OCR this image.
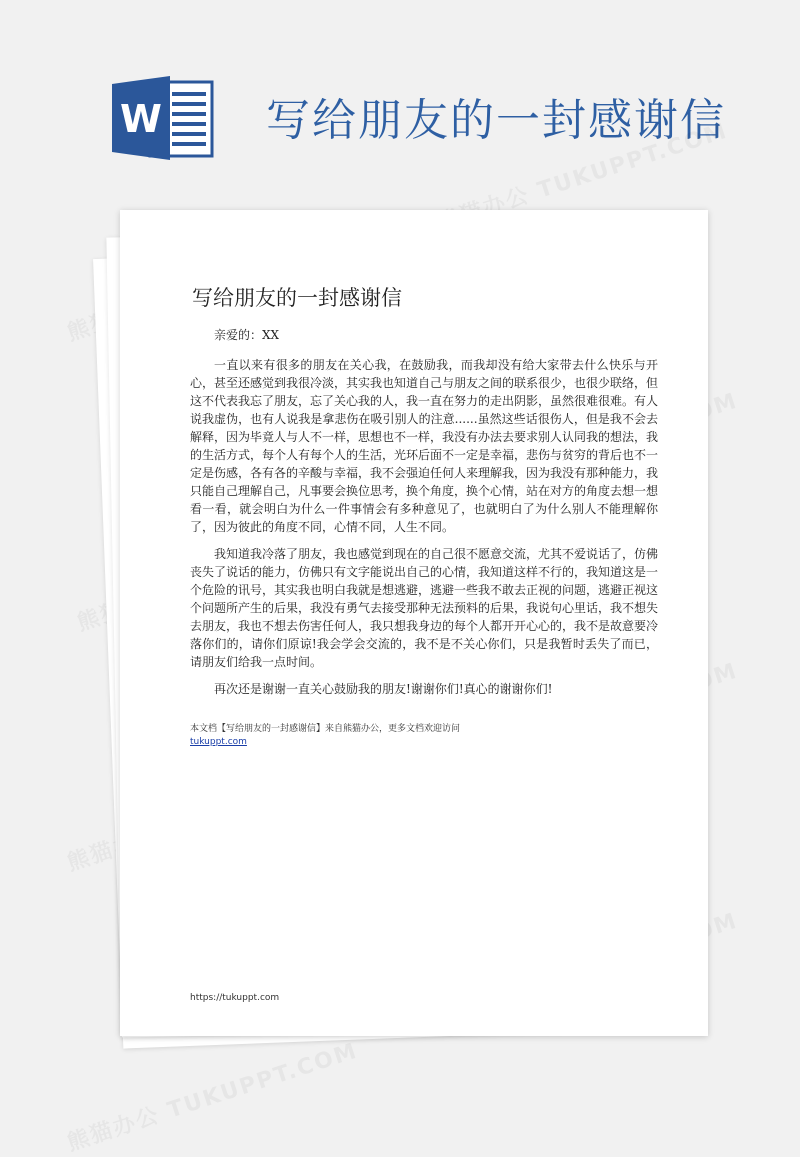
W 写给朋友的一封感谢信
写给朋友的一封感谢信

亲爱的：XX

一直以来有很多的朋友在关心我，在鼓励我，而我却没有给大家带去什么快乐与开心，甚至还感觉到我很冷淡，其实我也知道自己与朋友之间的联系很少，也很少联络，但这不代表我忘了朋友，忘了关心我的人，我一直在努力的走出阴影，虽然很难很难。有人说我虚伪，也有人说我是拿悲伤在吸引别人的注意......虽然这些话很伤人，但是我不会去解释，因为毕竟人与人不一样，思想也不一样，我没有办法去要求别人认同我的想法，我的生活方式，每个人有每个人的生活，光环后面不一定是幸福，悲伤与贫穷的背后也不一定是伤感，各有各的辛酸与幸福，我不会强迫任何人来理解我，因为我没有那种能力，我只能自己理解自己，凡事要会换位思考，换个角度，换个心情，站在对方的角度去想一想看一看，就会明白为什么一件事情会有多种意见了，也就明白了为什么别人不能理解你了，因为彼此的角度不同，心情不同，人生不同。

我知道我冷落了朋友，我也感觉到现在的自己很不愿意交流，尤其不爱说话了，仿佛丧失了说话的能力，仿佛只有文字能说出自己的心情，我知道这样不行的，我知道这是一个危险的讯号，其实我也明白我就是想逃避，逃避一些我不敢去正视的问题，逃避正视这个问题所产生的后果，我没有勇气去接受那种无法预料的后果，我说句心里话，我不想失去朋友，我也不想去伤害任何人，我只想我身边的每个人都开开心心的，我不是故意要冷落你们的，请你们原谅!我会学会交流的，我不是不关心你们，只是我暂时丢失了而已，请朋友们给我一点时间。

再次还是谢谢一直关心鼓励我的朋友!谢谢你们!真心的谢谢你们!

本文档【写给朋友的一封感谢信】来自熊猫办公，更多文档欢迎访问
tukuppt.com
https://tukuppt.com
